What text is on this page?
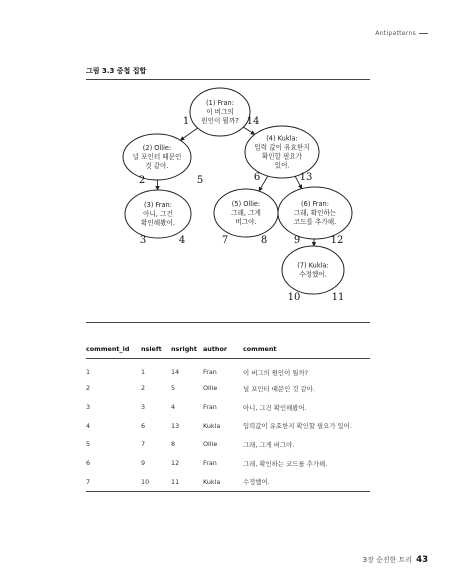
Antipatterns
그림 3.3 중첩 집합
(1) Fran:
이 버그의
원인이 뭘까?
1	14
(2) Ollie:
널 포인터 때문인
것 같아.
2	5
(3) Fran:
아니, 그건
확인해봤어.
3	4
(4) Kukla:
입력 값이 유효한지
확인할 필요가
있어.
6	13
(5) Ollie:
그래, 그게
버그야.
7	8
(6) Fran:
그래, 확인하는
코드를 추가해.
9	12
(7) Kukla:
수정했어.
10	11
comment_id	nsleft	nsright	author	comment
1	1	14	Fran	이 버그의 원인이 뭘까?
2	2	5	Ollie	널 포인터 때문인 것 같아.
3	3	4	Fran	아니, 그건 확인해봤어.
4	6	13	Kukla	입력값이 유효한지 확인할 필요가 있어.
5	7	8	Ollie	그래, 그게 버그야.
6	9	12	Fran	그래, 확인하는 코드를 추가해.
7	10	11	Kukla	수정했어.
3장 순진한 트리 43
